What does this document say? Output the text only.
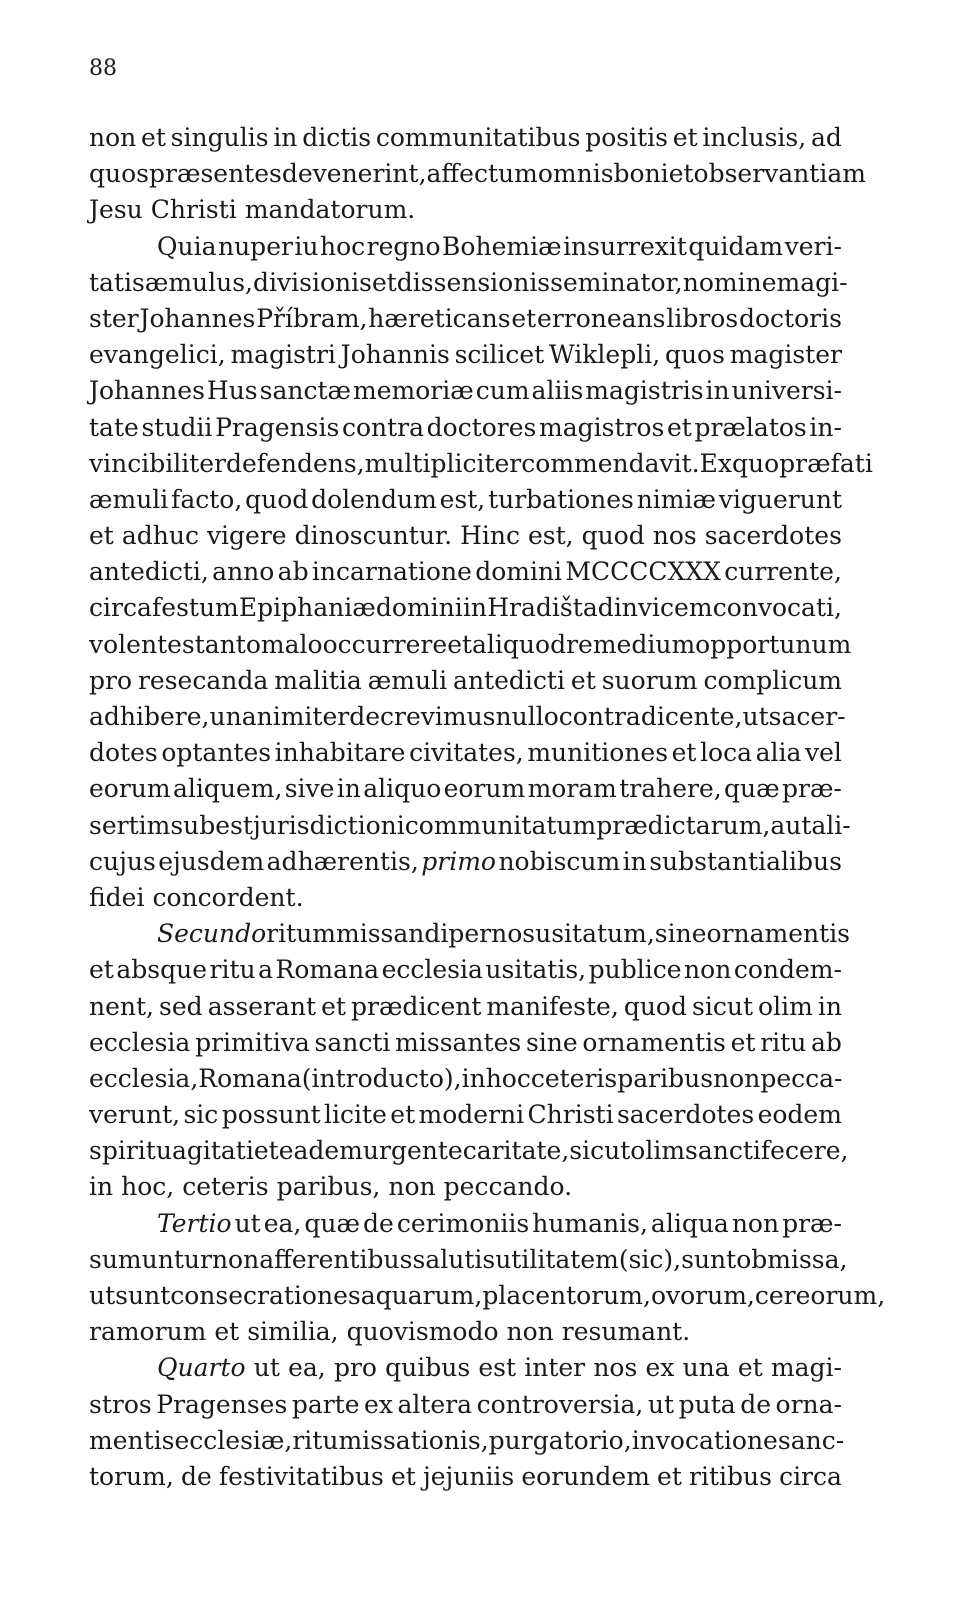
88
non et singulis in dictis communitatibus positis et inclusis, ad
quos præsentes devenerint, affectum omnis boni et observantiam
Jesu Christi mandatorum.
Quia nuper iu hoc regno Bohemiæ insurrexit quidam veri-
tatis æmulus, divisionis et dissensionis seminator, nomine magi-
ster Johannes Příbram, hæreticans et erroneans libros doctoris
evangelici, magistri Johannis scilicet Wiklepli, quos magister
Johannes Hus sanctæ memoriæ cum aliis magistris in universi-
tate studii Pragensis contra doctores magistros et prælatos in-
vincibiliter defendens, multipliciter commendavit. Ex quo præfati
æmuli facto, quod dolendum est, turbationes nimiæ viguerunt
et adhuc vigere dinoscuntur. Hinc est, quod nos sacerdotes
antedicti, anno ab incarnatione domini MCCCCXXX currente,
circa festum Epiphaniæ domini in Hradišt adinvicem convocati,
volentes tanto malo occurrere et aliquod remedium opportunum
pro resecanda malitia æmuli antedicti et suorum complicum
adhibere, unanimiter decrevimus nullo contradicente, ut sacer-
dotes optantes inhabitare civitates, munitiones et loca alia vel
eorum aliquem, sive in aliquo eorum moram trahere, quæ præ-
sertim subest jurisdictioni communitatum prædictarum, aut ali-
cujus ejusdem adhærentis, primo nobiscum in substantialibus
fidei concordent.
Secundo ritum missandi per nos usitatum, sine ornamentis
et absque ritu a Romana ecclesia usitatis, publice non condem-
nent, sed asserant et prædicent manifeste, quod sicut olim in
ecclesia primitiva sancti missantes sine ornamentis et ritu ab
ecclesia, Romana (introducto), in hoc ceteris paribus non pecca-
verunt, sic possunt licite et moderni Christi sacerdotes eodem
spiritu agitati et eadem urgente caritate, sicut olim sancti fecere,
in hoc, ceteris paribus, non peccando.
Tertio ut ea, quæ de cerimoniis humanis, aliqua non præ-
sumuntur non afferentibus salutis utilitatem (sic), sunt ob missa,
ut sunt consecrationes aquarum, placentorum, ovorum, cereorum,
ramorum et similia, quovismodo non resumant.
Quarto ut ea, pro quibus est inter nos ex una et magi-
stros Pragenses parte ex altera controversia, ut puta de orna-
mentis ecclesiæ, ritu missationis, purgatorio, invocatione sanc-
torum, de festivitatibus et jejuniis eorundem et ritibus circa
